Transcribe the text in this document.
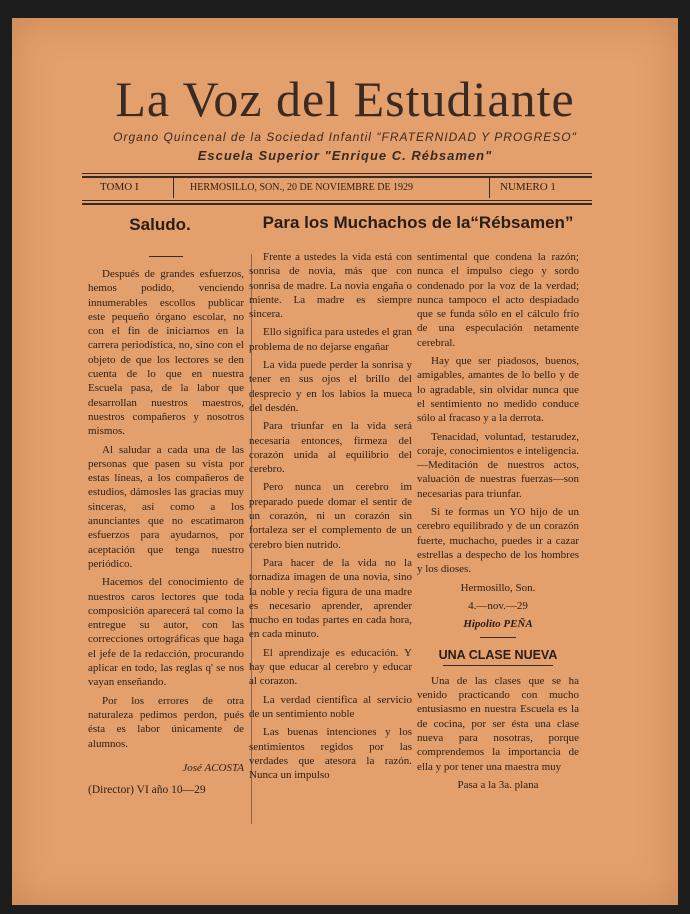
La Voz del Estudiante
Organo Quincenal de la Sociedad Infantil "FRATERNIDAD Y PROGRESO"
Escuela Superior "Enrique C. Rébsamen"
TOMO I	HERMOSILLO, SON., 20 DE NOVIEMBRE DE 1929	NUMERO 1
Saludo.

Después de grandes esfuerzos, hemos podido, venciendo innumerables escollos publicar este pequeño órgano escolar, no con el fin de iniciarnos en la carrera periodística, no, sino con el objeto de que los lectores se den cuenta de lo que en nuestra Escuela pasa, de la labor que desarrollan nuestros maestros, nuestros compañeros y nosotros mismos.

Al saludar a cada una de las personas que pasen su vista por estas líneas, a los compañeros de estudios, dámosles las gracias muy sinceras, así como a los anunciantes que no escatimaron esfuerzos para ayudarnos, por aceptación que tenga nuestro periódico.

Hacemos del conocimiento de nuestros caros lectores que toda composición aparecerá tal como la entregue su autor, con las correcciones ortográficas que haga el jefe de la redacción, procurando aplicar en todo, las reglas q' se nos vayan enseñando.

Por los errores de otra naturaleza pedimos perdon, pués ésta es labor únicamente de alumnos.

José ACOSTA

(Director) VI año 10—29

Para los Muchachos de la“Rébsamen”

Frente a ustedes la vida está con sonrisa de novia, más que con sonrisa de madre. La novia engaña o miente. La madre es siempre sincera.

Ello significa para ustedes el gran problema de no dejarse engañar

La vida puede perder la sonrisa y tener en sus ojos el brillo del desprecio y en los labios la mueca del desdén.

Para triunfar en la vida será necesaria entonces, firmeza del corazón unida al equilibrio del cerebro.

Pero nunca un cerebro im preparado puede domar el sentir de un corazón, ni un corazón sin fortaleza ser el complemento de un cerebro bien nutrido.

Para hacer de la vida no la tornadiza imagen de una novia, sino la noble y recia figura de una madre es necesario aprender, aprender mucho en todas partes en cada hora, en cada minuto.

El aprendizaje es educación. Y hay que educar al cerebro y educar al corazon.

La verdad científica al servicio de un sentimiento noble

Las buenas intenciones y los sentimientos regidos por las verdades que atesora la razón. Nunca un impulso

sentimental que condena la razón; nunca el impulso ciego y sordo condenado por la voz de la verdad; nunca tampoco el acto despiadado que se funda sólo en el cálculo frío de una especulación netamente cerebral.

Hay que ser piadosos, buenos, amigables, amantes de lo bello y de lo agradable, sin olvidar nunca que el sentimiento no medido conduce sólo al fracaso y a la derrota.

Tenacidad, voluntad, testarudez, coraje, conocimientos e inteligencia.—Meditación de nuestros actos, valuación de nuestras fuerzas—son necesarias para triunfar.

Si te formas un YO hijo de un cerebro equilibrado y de un corazón fuerte, muchacho, puedes ir a cazar estrellas a despecho de los hombres y los dioses.

Hermosillo, Son.

4.—nov.—29

Hipolito PEÑA

UNA CLASE NUEVA

Una de las clases que se ha venido practicando con mucho entusiasmo en nuestra Escuela es la de cocina, por ser ésta una clase nueva para nosotras, porque comprendemos la importancia de ella y por tener una maestra muy

Pasa a la 3a. plana
